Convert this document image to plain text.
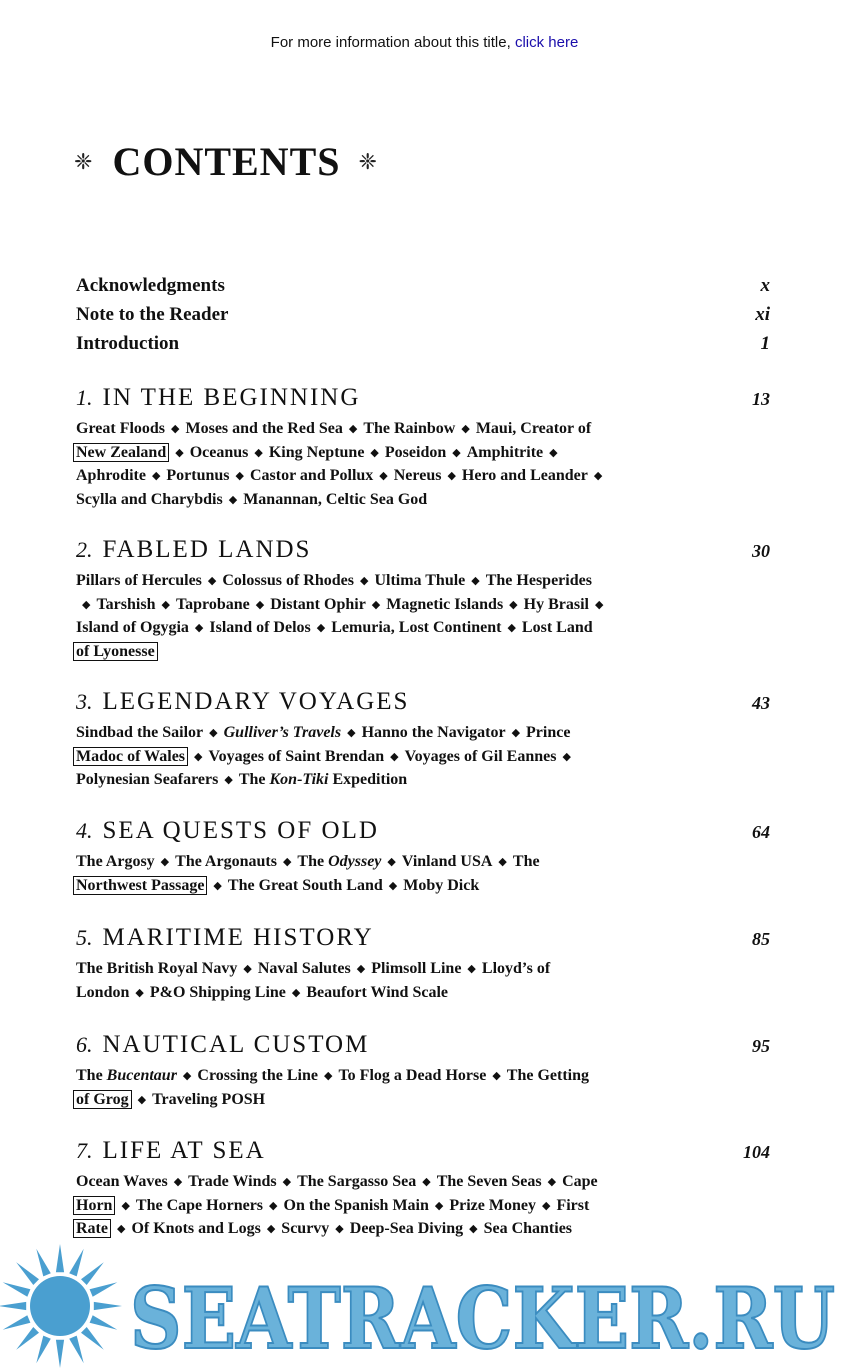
For more information about this title, click here
❈ CONTENTS ❈
Acknowledgments	x
Note to the Reader	xi
Introduction	1
1. IN THE BEGINNING	13
Great Floods ◆ Moses and the Red Sea ◆ The Rainbow ◆ Maui, Creator of
New Zealand ◆ Oceanus ◆ King Neptune ◆ Poseidon ◆ Amphitrite ◆
Aphrodite ◆ Portunus ◆ Castor and Pollux ◆ Nereus ◆ Hero and Leander ◆
Scylla and Charybdis ◆ Manannan, Celtic Sea God
2. FABLED LANDS	30
Pillars of Hercules ◆ Colossus of Rhodes ◆ Ultima Thule ◆ The Hesperides
◆ Tarshish ◆ Taprobane ◆ Distant Ophir ◆ Magnetic Islands ◆ Hy Brasil ◆
Island of Ogygia ◆ Island of Delos ◆ Lemuria, Lost Continent ◆ Lost Land
of Lyonesse
3. LEGENDARY VOYAGES	43
Sindbad the Sailor ◆ Gulliver’s Travels ◆ Hanno the Navigator ◆ Prince
Madoc of Wales ◆ Voyages of Saint Brendan ◆ Voyages of Gil Eannes ◆
Polynesian Seafarers ◆ The Kon-Tiki Expedition
4. SEA QUESTS OF OLD	64
The Argosy ◆ The Argonauts ◆ The Odyssey ◆ Vinland USA ◆ The
Northwest Passage ◆ The Great South Land ◆ Moby Dick
5. MARITIME HISTORY	85
The British Royal Navy ◆ Naval Salutes ◆ Plimsoll Line ◆ Lloyd’s of
London ◆ P&O Shipping Line ◆ Beaufort Wind Scale
6. NAUTICAL CUSTOM	95
The Bucentaur ◆ Crossing the Line ◆ To Flog a Dead Horse ◆ The Getting
of Grog ◆ Traveling POSH
7. LIFE AT SEA	104
Ocean Waves ◆ Trade Winds ◆ The Sargasso Sea ◆ The Seven Seas ◆ Cape
Horn ◆ The Cape Horners ◆ On the Spanish Main ◆ Prize Money ◆ First
Rate ◆ Of Knots and Logs ◆ Scurvy ◆ Deep-Sea Diving ◆ Sea Chanties
SEATRACKER.RU
